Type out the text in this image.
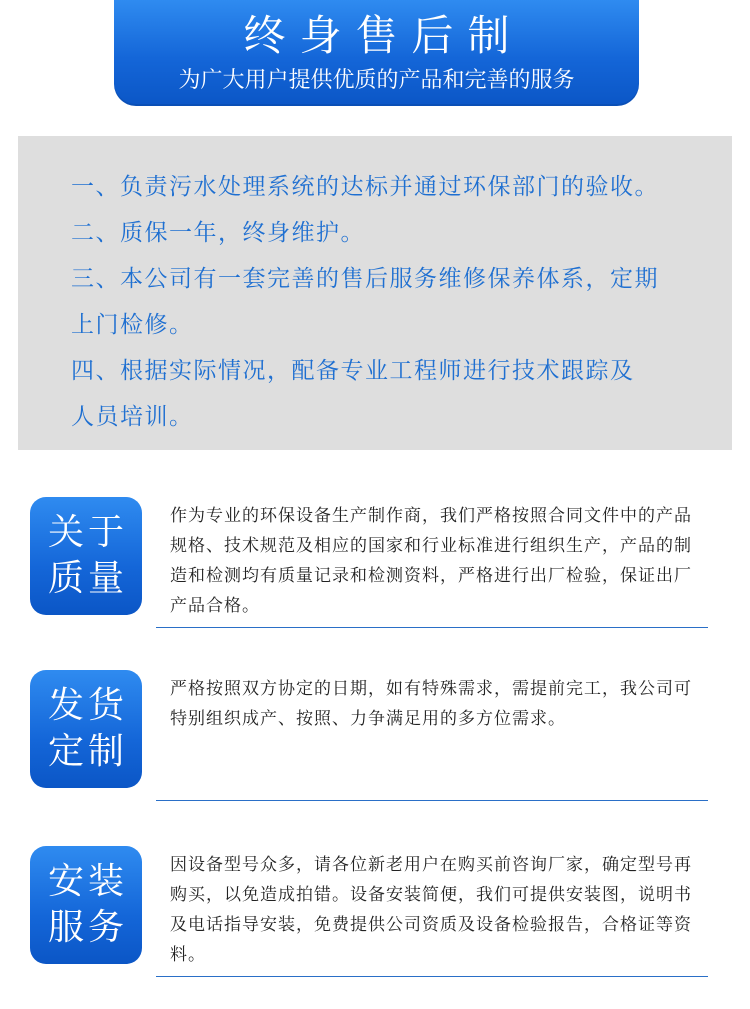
终身售后制
为广大用户提供优质的产品和完善的服务
一、负责污水处理系统的达标并通过环保部门的验收。
二、质保一年，终身维护。
三、本公司有一套完善的售后服务维修保养体系，定期
上门检修。
四、根据实际情况，配备专业工程师进行技术跟踪及
人员培训。
关于
质量
作为专业的环保设备生产制作商，我们严格按照合同文件中的产品规格、技术规范及相应的国家和行业标准进行组织生产，产品的制造和检测均有质量记录和检测资料，严格进行出厂检验，保证出厂产品合格。
发货
定制
严格按照双方协定的日期，如有特殊需求，需提前完工，我公司可特别组织成产、按照、力争满足用的多方位需求。
安装
服务
因设备型号众多，请各位新老用户在购买前咨询厂家，确定型号再购买，以免造成拍错。设备安装简便，我们可提供安装图，说明书及电话指导安装，免费提供公司资质及设备检验报告，合格证等资料。
